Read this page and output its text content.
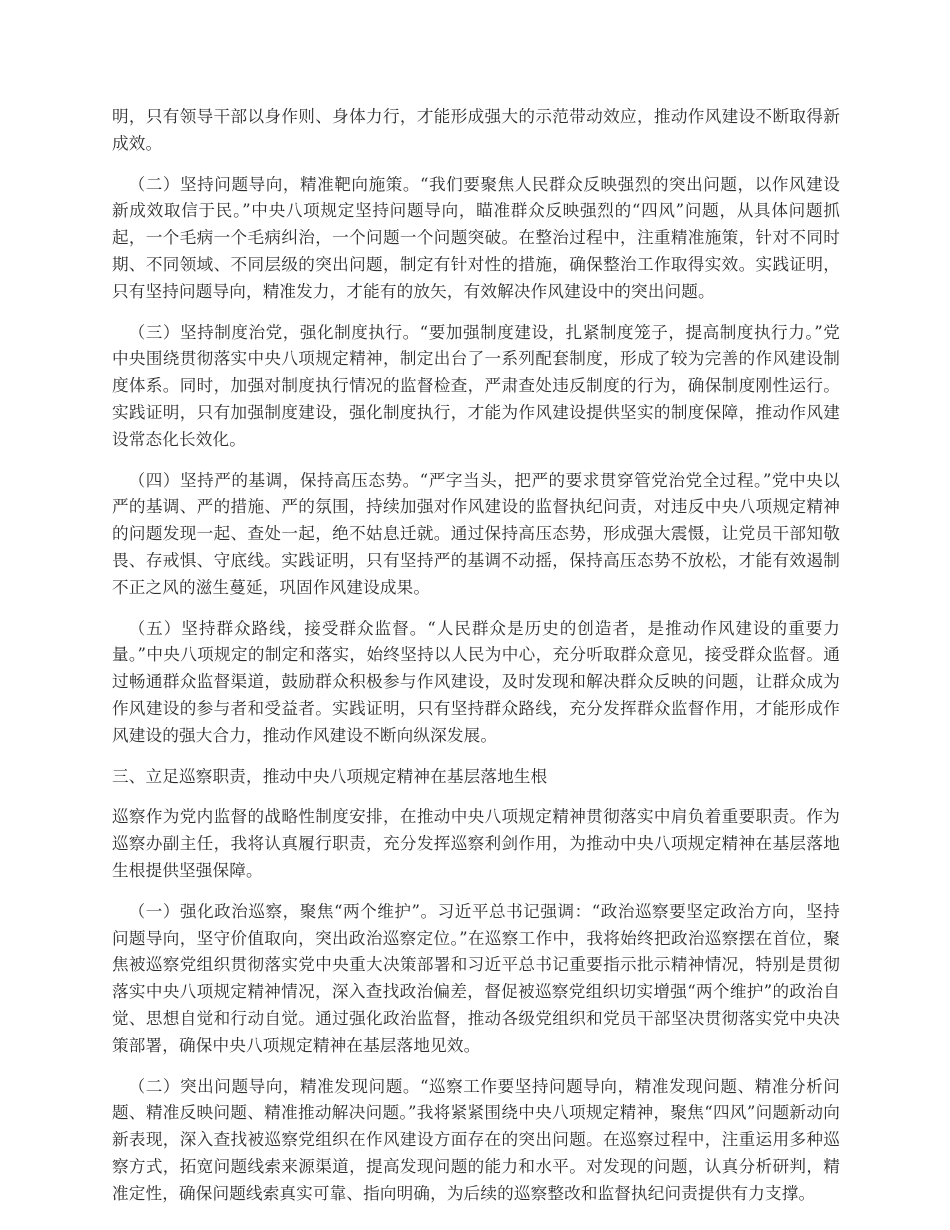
明，只有领导干部以身作则、身体力行，才能形成强大的示范带动效应，推动作风建设不断取得新成效。

（二）坚持问题导向，精准靶向施策。“我们要聚焦人民群众反映强烈的突出问题，以作风建设新成效取信于民。”中央八项规定坚持问题导向，瞄准群众反映强烈的“四风”问题，从具体问题抓起，一个毛病一个毛病纠治，一个问题一个问题突破。在整治过程中，注重精准施策，针对不同时期、不同领域、不同层级的突出问题，制定有针对性的措施，确保整治工作取得实效。实践证明，只有坚持问题导向，精准发力，才能有的放矢，有效解决作风建设中的突出问题。

（三）坚持制度治党，强化制度执行。“要加强制度建设，扎紧制度笼子，提高制度执行力。”党中央围绕贯彻落实中央八项规定精神，制定出台了一系列配套制度，形成了较为完善的作风建设制度体系。同时，加强对制度执行情况的监督检查，严肃查处违反制度的行为，确保制度刚性运行。实践证明，只有加强制度建设，强化制度执行，才能为作风建设提供坚实的制度保障，推动作风建设常态化长效化。

（四）坚持严的基调，保持高压态势。“严字当头，把严的要求贯穿管党治党全过程。”党中央以严的基调、严的措施、严的氛围，持续加强对作风建设的监督执纪问责，对违反中央八项规定精神的问题发现一起、查处一起，绝不姑息迁就。通过保持高压态势，形成强大震慑，让党员干部知敬畏、存戒惧、守底线。实践证明，只有坚持严的基调不动摇，保持高压态势不放松，才能有效遏制不正之风的滋生蔓延，巩固作风建设成果。

（五）坚持群众路线，接受群众监督。“人民群众是历史的创造者，是推动作风建设的重要力量。”中央八项规定的制定和落实，始终坚持以人民为中心，充分听取群众意见，接受群众监督。通过畅通群众监督渠道，鼓励群众积极参与作风建设，及时发现和解决群众反映的问题，让群众成为作风建设的参与者和受益者。实践证明，只有坚持群众路线，充分发挥群众监督作用，才能形成作风建设的强大合力，推动作风建设不断向纵深发展。

三、立足巡察职责，推动中央八项规定精神在基层落地生根

巡察作为党内监督的战略性制度安排，在推动中央八项规定精神贯彻落实中肩负着重要职责。作为巡察办副主任，我将认真履行职责，充分发挥巡察利剑作用，为推动中央八项规定精神在基层落地生根提供坚强保障。

（一）强化政治巡察，聚焦“两个维护”。习近平总书记强调：“政治巡察要坚定政治方向，坚持问题导向，坚守价值取向，突出政治巡察定位。”在巡察工作中，我将始终把政治巡察摆在首位，聚焦被巡察党组织贯彻落实党中央重大决策部署和习近平总书记重要指示批示精神情况，特别是贯彻落实中央八项规定精神情况，深入查找政治偏差，督促被巡察党组织切实增强“两个维护”的政治自觉、思想自觉和行动自觉。通过强化政治监督，推动各级党组织和党员干部坚决贯彻落实党中央决策部署，确保中央八项规定精神在基层落地见效。

（二）突出问题导向，精准发现问题。“巡察工作要坚持问题导向，精准发现问题、精准分析问题、精准反映问题、精准推动解决问题。”我将紧紧围绕中央八项规定精神，聚焦“四风”问题新动向新表现，深入查找被巡察党组织在作风建设方面存在的突出问题。在巡察过程中，注重运用多种巡察方式，拓宽问题线索来源渠道，提高发现问题的能力和水平。对发现的问题，认真分析研判，精准定性，确保问题线索真实可靠、指向明确，为后续的巡察整改和监督执纪问责提供有力支撑。
